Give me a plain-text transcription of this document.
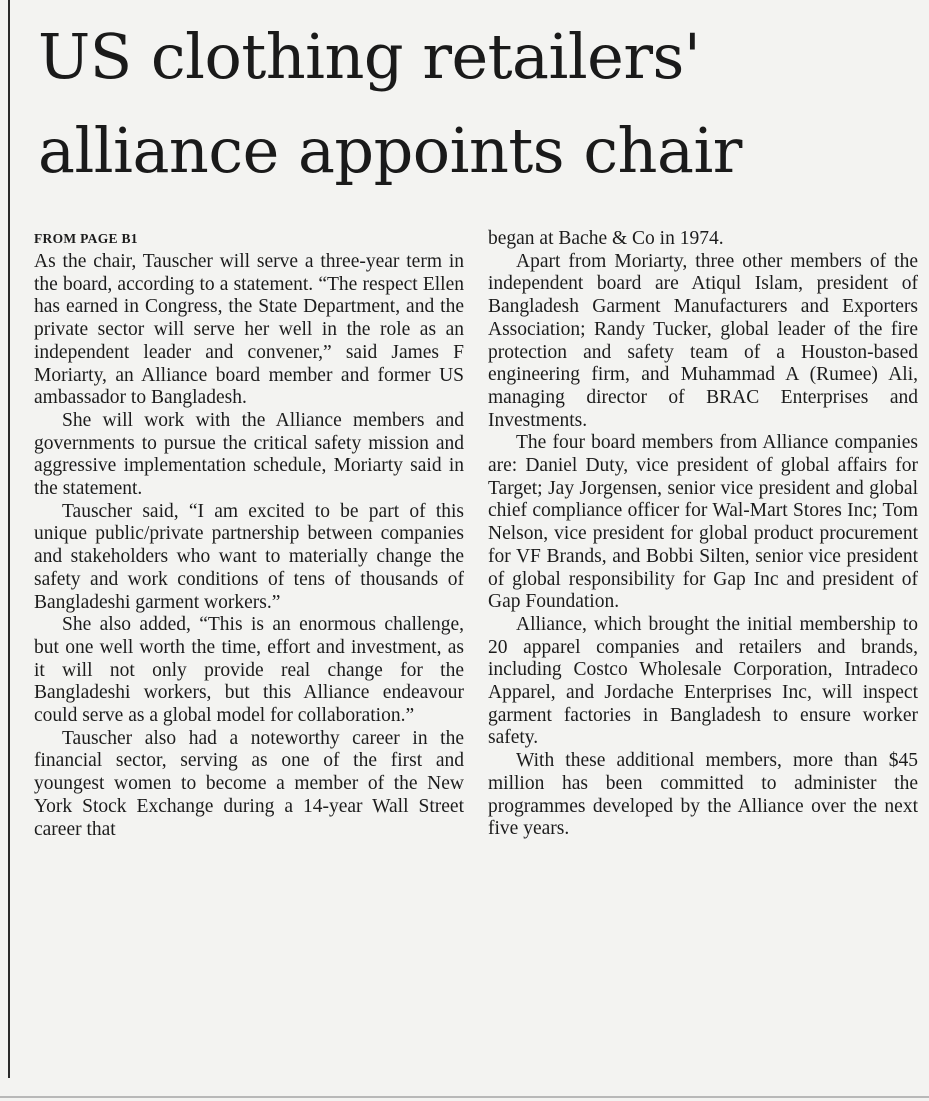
US clothing retailers'
alliance appoints chair
FROM PAGE B1

As the chair, Tauscher will serve a three-year term in the board, according to a statement. “The respect Ellen has earned in Congress, the State Department, and the private sector will serve her well in the role as an independent leader and convener,” said James F Moriarty, an Alliance board member and former US ambassador to Bangladesh.

She will work with the Alliance members and governments to pursue the critical safety mission and aggressive implementation schedule, Moriarty said in the statement.

Tauscher said, “I am excited to be part of this unique public/private partnership between companies and stakeholders who want to materially change the safety and work conditions of tens of thousands of Bangladeshi garment workers.”

She also added, “This is an enormous challenge, but one well worth the time, effort and investment, as it will not only provide real change for the Bangladeshi workers, but this Alliance endeavour could serve as a global model for collaboration.”

Tauscher also had a noteworthy career in the financial sector, serving as one of the first and youngest women to become a member of the New York Stock Exchange during a 14-year Wall Street career that

began at Bache & Co in 1974.

Apart from Moriarty, three other members of the independent board are Atiqul Islam, president of Bangladesh Garment Manufacturers and Exporters Association; Randy Tucker, global leader of the fire protection and safety team of a Houston-based engineering firm, and Muhammad A (Rumee) Ali, managing director of BRAC Enterprises and Investments.

The four board members from Alliance companies are: Daniel Duty, vice president of global affairs for Target; Jay Jorgensen, senior vice president and global chief compliance officer for Wal-Mart Stores Inc; Tom Nelson, vice president for global product procurement for VF Brands, and Bobbi Silten, senior vice president of global responsibility for Gap Inc and president of Gap Foundation.

Alliance, which brought the initial membership to 20 apparel companies and retailers and brands, including Costco Wholesale Corporation, Intradeco Apparel, and Jordache Enterprises Inc, will inspect garment factories in Bangladesh to ensure worker safety.

With these additional members, more than $45 million has been committed to administer the programmes developed by the Alliance over the next five years.
